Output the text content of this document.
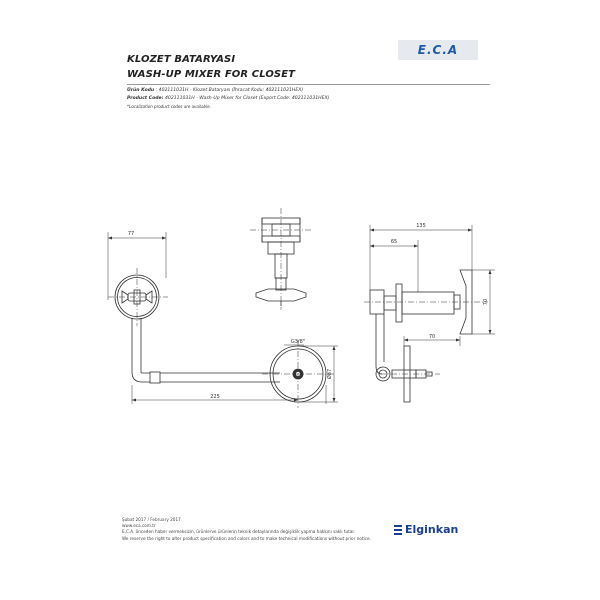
KLOZET BATARYASI
WASH-UP MIXER FOR CLOSET
E.C.A
Ürün Kodu : 402111031H - Klozet Bataryası (İhracat Kodu: 402111031HEX)
Product Code: 402111031H - Wash-Up Mixer for Closet (Export Code: 402111031HEX)
*Localization product codes are available.
77
225
G3/8"
Ø87
135
65
70
70
Şubat 2017 / February 2017
www.eca.com.tr
E.C.A. önceden haber vermeksizin, ürünlerve ürünlerin teknik detaylarında değişiklik yapma hakkını saklı tutar.
We reserve the right to alter product specification and colors and to make technical modifications without prior notice.
Elginkan
